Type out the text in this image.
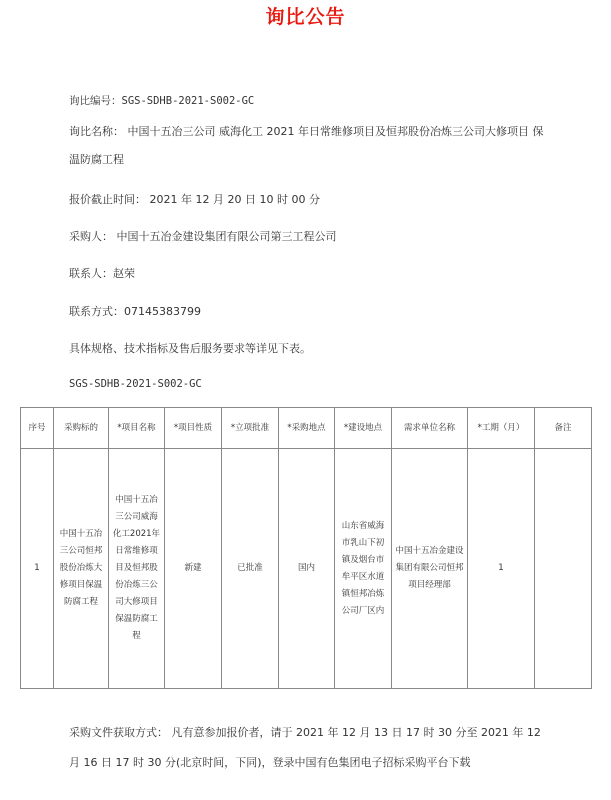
询比公告
询比编号：SGS-SDHB-2021-S002-GC
询比名称： 中国十五冶三公司 威海化工 2021 年日常维修项目及恒邦股份冶炼三公司大修项目 保温防腐工程
报价截止时间： 2021 年 12 月 20 日 10 时 00 分
采购人： 中国十五冶金建设集团有限公司第三工程公司
联系人：赵荣
联系方式：07145383799
具体规格、技术指标及售后服务要求等详见下表。
SGS-SDHB-2021-S002-GC
序号	采购标的	*项目名称	*项目性质	*立项批准	*采购地点	*建设地点	需求单位名称	*工期（月）	备注
1	中国十五冶三公司恒邦股份冶炼大修项目保温防腐工程	中国十五冶三公司威海化工2021年日常维修项目及恒邦股份冶炼三公司大修项目 保温防腐工程	新建	已批准	国内	山东省威海市乳山下初镇及烟台市牟平区水道镇恒邦冶炼公司厂区内	中国十五冶金建设集团有限公司恒邦项目经理部	1	
采购文件获取方式： 凡有意参加报价者，请于 2021 年 12 月 13 日 17 时 30 分至 2021 年 12 月 16 日 17 时 30 分(北京时间，下同)，登录中国有色集团电子招标采购平台下载
